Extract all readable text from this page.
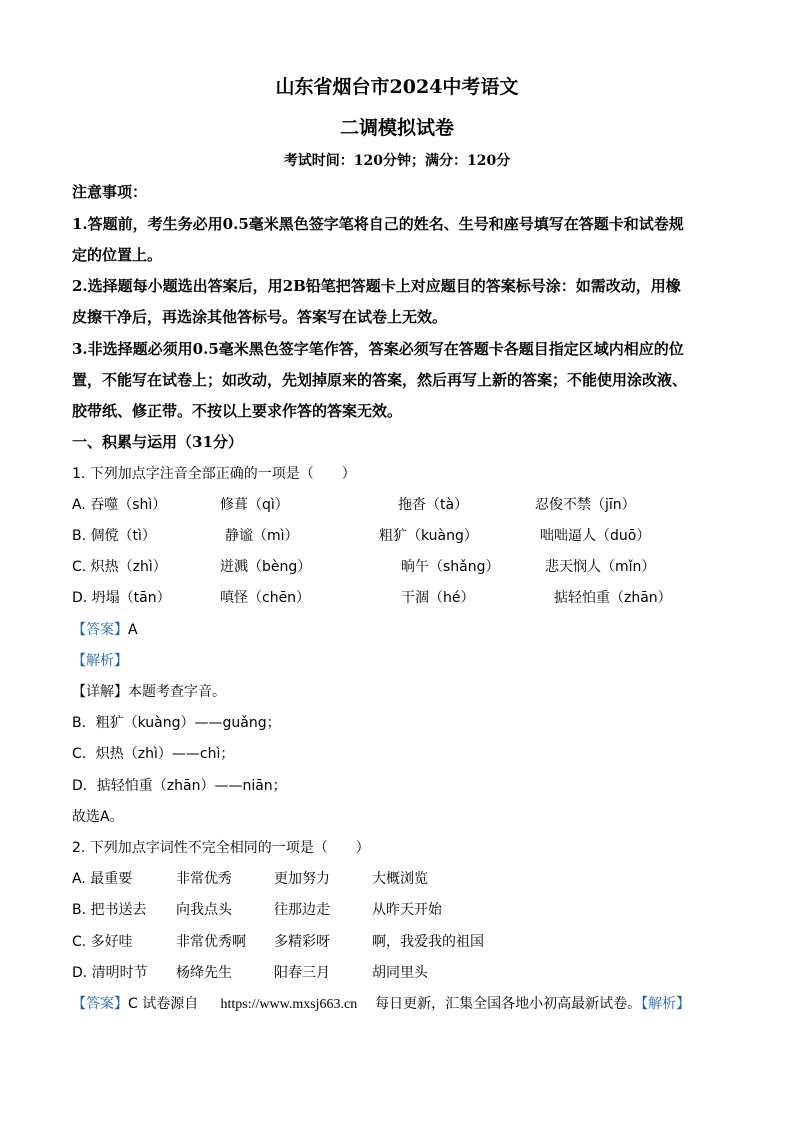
山东省烟台市2024中考语文
二调模拟试卷
考试时间：120分钟；满分：120分
注意事项：
1.答题前，考生务必用0.5毫米黑色签字笔将自己的姓名、生号和座号填写在答题卡和试卷规
定的位置上。
2.选择题每小题选出答案后，用2B铅笔把答题卡上对应题目的答案标号涂：如需改动，用橡
皮擦干净后，再选涂其他答标号。答案写在试卷上无效。
3.非选择题必须用0.5毫米黑色签字笔作答，答案必须写在答题卡各题目指定区域内相应的位
置，不能写在试卷上；如改动，先划掉原来的答案，然后再写上新的答案；不能使用涂改液、
胶带纸、修正带。不按以上要求作答的答案无效。
一、积累与运用（31分）
1. 下列加点字注音全部正确的一项是（　　）
A. 吞噬（shì）	修葺（qì）	拖沓（tà）	忍俊不禁（jīn）
B. 倜傥（tì）	静谧（mì）	粗犷（kuàng）	咄咄逼人（duō）
C. 炽热（zhì）	迸溅（bèng）	晌午（shǎng）	悲天悯人（mǐn）
D. 坍塌（tān）	嗔怪（chēn）	干涸（hé）	掂轻怕重（zhān）
【答案】A
【解析】
【详解】本题考查字音。
B．粗犷（kuàng）——guǎng；
C．炽热（zhì）——chì；
D．掂轻怕重（zhān）——niān；
故选A。
2. 下列加点字词性不完全相同的一项是（　　）
A. 最重要	非常优秀	更加努力	大概浏览
B. 把书送去 向我点头	往那边走	从昨天开始
C. 多好哇	非常优秀啊 多精彩呀	啊，我爱我的祖国
D. 清明时节 杨绛先生	阳春三月	胡同里头
【答案】C 试卷源自 https://www.mxsj663.cn 每日更新，汇集全国各地小初高最新试卷。【解析】
